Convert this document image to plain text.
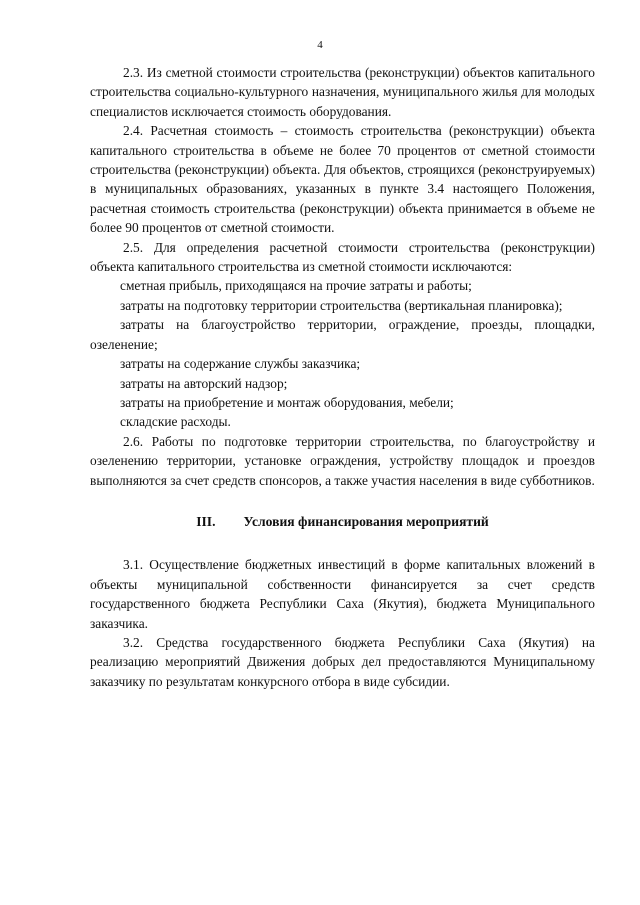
4

2.3. Из сметной стоимости строительства (реконструкции) объектов капитального строительства социально-культурного назначения, муниципального жилья для молодых специалистов исключается стоимость оборудования.

2.4. Расчетная стоимость – стоимость строительства (реконструкции) объекта капитального строительства в объеме не более 70 процентов от сметной стоимости строительства (реконструкции) объекта. Для объектов, строящихся (реконструируемых) в муниципальных образованиях, указанных в пункте 3.4 настоящего Положения, расчетная стоимость строительства (реконструкции) объекта принимается в объеме не более 90 процентов от сметной стоимости.

2.5. Для определения расчетной стоимости строительства (реконструкции) объекта капитального строительства из сметной стоимости исключаются:

сметная прибыль, приходящаяся на прочие затраты и работы;

затраты на подготовку территории строительства (вертикальная планировка);

затраты на благоустройство территории, ограждение, проезды, площадки, озеленение;

затраты на содержание службы заказчика;

затраты на авторский надзор;

затраты на приобретение и монтаж оборудования, мебели;

складские расходы.

2.6. Работы по подготовке территории строительства, по благоустройству и озеленению территории, установке ограждения, устройству площадок и проездов выполняются за счет средств спонсоров, а также участия населения в виде субботников.

III. Условия финансирования мероприятий

3.1. Осуществление бюджетных инвестиций в форме капитальных вложений в объекты муниципальной собственности финансируется за счет средств государственного бюджета Республики Саха (Якутия), бюджета Муниципального заказчика.

3.2. Средства государственного бюджета Республики Саха (Якутия) на реализацию мероприятий Движения добрых дел предоставляются Муниципальному заказчику по результатам конкурсного отбора в виде субсидии.
